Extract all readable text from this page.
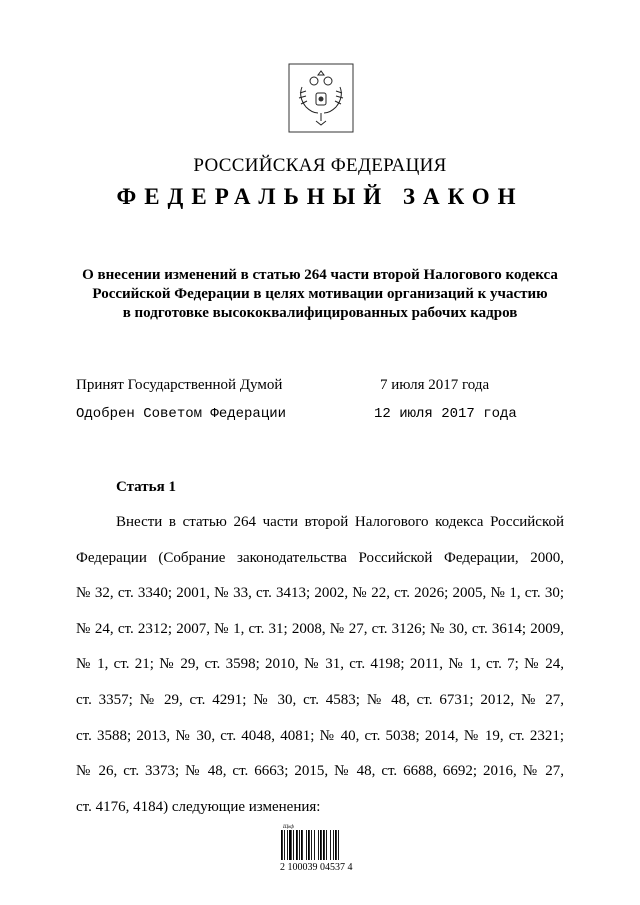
РОССИЙСКАЯ ФЕДЕРАЦИЯ
ФЕДЕРАЛЬНЫЙ ЗАКОН
О внесении изменений в статью 264 части второй Налогового кодекса
Российской Федерации в целях мотивации организаций к участию
в подготовке высококвалифицированных рабочих кадров
Принят Государственной Думой	7 июля 2017 года
Одобрен Советом Федерации	12 июля 2017 года
Статья 1
Внести в статью 264 части второй Налогового кодекса Российской
Федерации (Собрание законодательства Российской Федерации, 2000,
№ 32, ст. 3340; 2001, № 33, ст. 3413; 2002, № 22, ст. 2026; 2005, № 1, ст. 30;
№ 24, ст. 2312; 2007, № 1, ст. 31; 2008, № 27, ст. 3126; № 30, ст. 3614; 2009,
№ 1, ст. 21; № 29, ст. 3598; 2010, № 31, ст. 4198; 2011, № 1, ст. 7; № 24,
ст. 3357; № 29, ст. 4291; № 30, ст. 4583; № 48, ст. 6731; 2012, № 27,
ст. 3588; 2013, № 30, ст. 4048, 4081; № 40, ст. 5038; 2014, № 19, ст. 2321;
№ 26, ст. 3373; № 48, ст. 6663; 2015, № 48, ст. 6688, 6692; 2016, № 27,
ст. 4176, 4184) следующие изменения:
Щкф
2 100039 04537 4
